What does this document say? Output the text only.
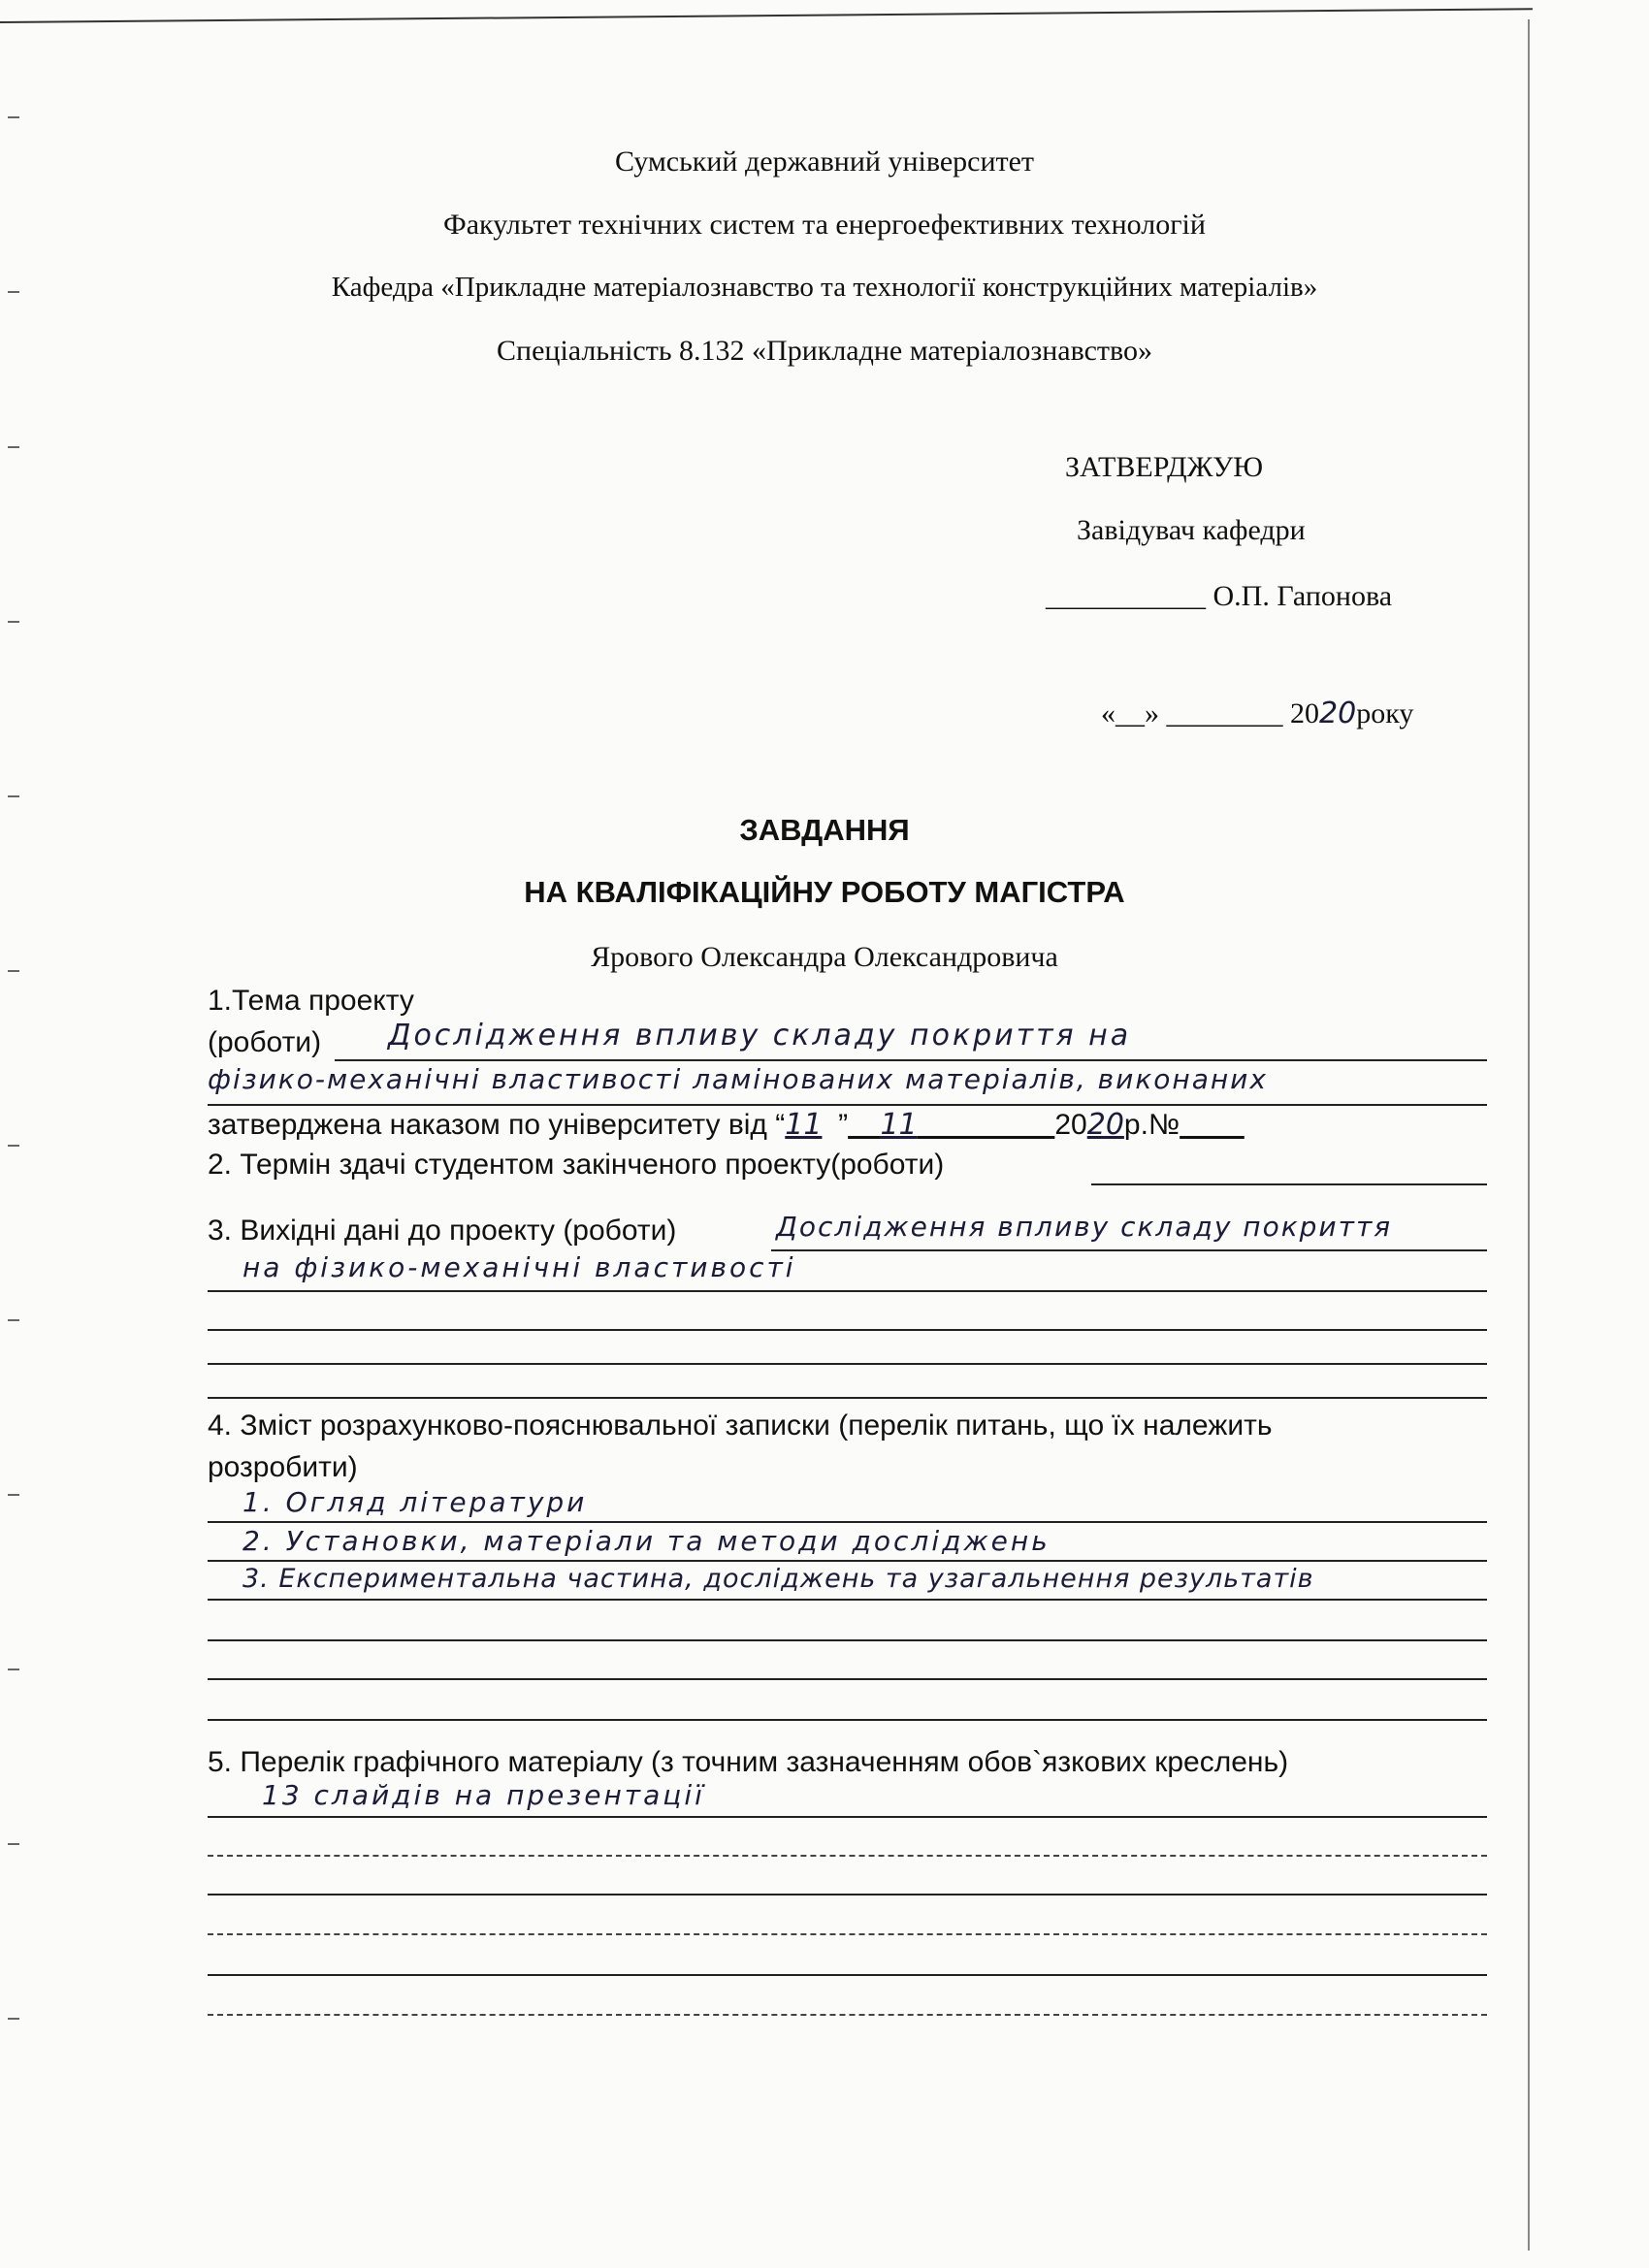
Сумський державний університет
Факультет технічних систем та енергоефективних технологій
Кафедра «Прикладне матеріалознавство та технології конструкційних матеріалів»
Спеціальність 8.132 «Прикладне матеріалознавство»
ЗАТВЕРДЖУЮ
Завідувач кафедри
___________ О.П. Гапонова
«__» ________ 2020року
ЗАВДАННЯ
НА КВАЛІФІКАЦІЙНУ РОБОТУ МАГІСТРА
Ярового Олександра Олександровича
1.Тема проекту
(роботи) Дослідження впливу складу покриття на
фізико-механічні властивості ламінованих матеріалів, виконаних
затверджена наказом по університету від “11 ” 11	2020р.№
2. Термін здачі студентом закінченого проекту(роботи)
3. Вихідні дані до проекту (роботи)	Дослідження впливу складу покриття
на фізико-механічні властивості
4. Зміст розрахунково-пояснювальної записки (перелік питань, що їх належить
розробити)
1. Огляд літератури
2. Установки, матеріали та методи досліджень
3. Експериментальна частина, досліджень та узагальнення результатів
5. Перелік графічного матеріалу (з точним зазначенням обов`язкових креслень)
13 слайдів на презентації
